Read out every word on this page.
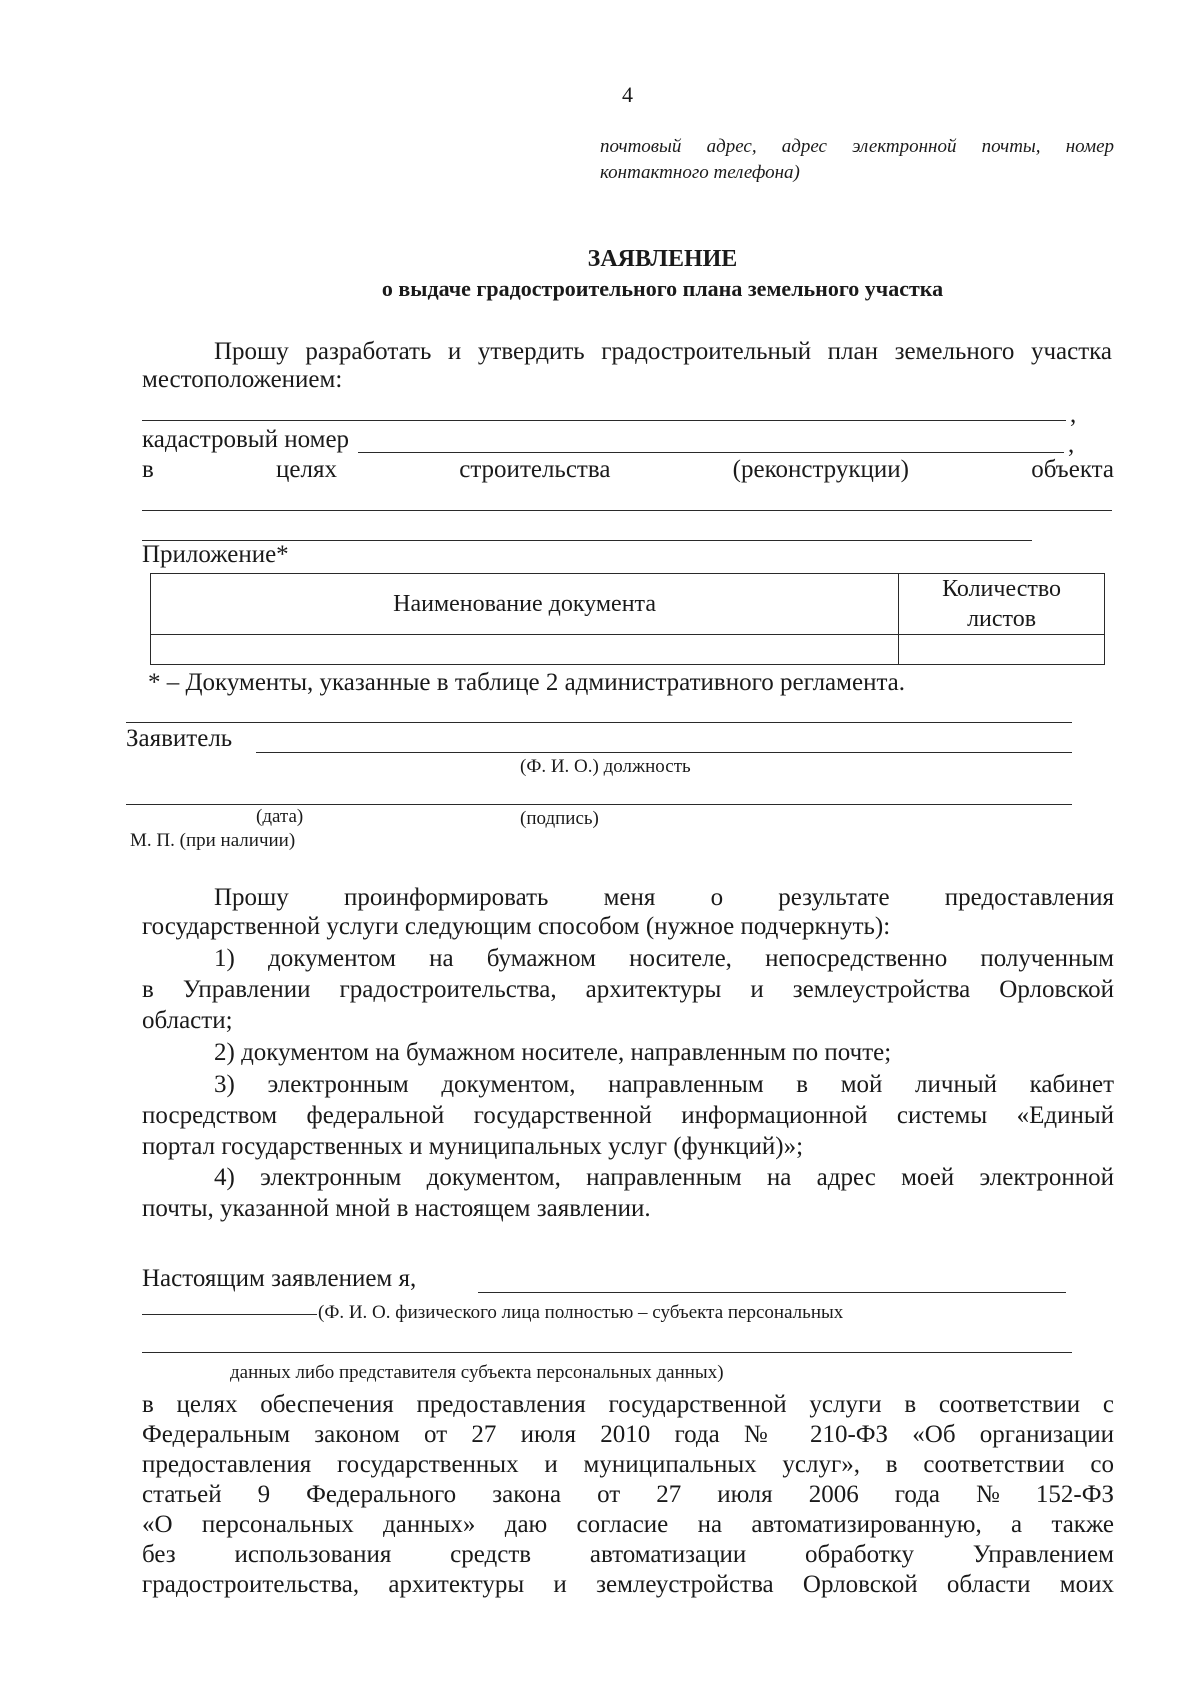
4
почтовый адрес, адрес электронной почты, номер
контактного телефона)
ЗАЯВЛЕНИЕ
о выдаче градостроительного плана земельного участка
Прошу разработать и утвердить градостроительный план земельного участка
местоположением:
,
кадастровый номер	,
в	целях	строительства	(реконструкции)	объекта
Приложение*
Наименование документа	Количество
листов

* – Документы, указанные в таблице 2 административного регламента.
Заявитель
(Ф. И. О.) должность
(дата)	(подпись)
М. П. (при наличии)
Прошу проинформировать меня о результате предоставления
государственной услуги следующим способом (нужное подчеркнуть):
1) документом на бумажном носителе, непосредственно полученным
в Управлении градостроительства, архитектуры и землеустройства Орловской
области;
2) документом на бумажном носителе, направленным по почте;
3) электронным документом, направленным в мой личный кабинет
посредством федеральной государственной информационной системы «Единый
портал государственных и муниципальных услуг (функций)»;
4) электронным документом, направленным на адрес моей электронной
почты, указанной мной в настоящем заявлении.
Настоящим заявлением я,
(Ф. И. О. физического лица полностью – субъекта персональных
данных либо представителя субъекта персональных данных)
в целях обеспечения предоставления государственной услуги в соответствии с
Федеральным законом от 27 июля 2010 года № 210-ФЗ «Об организации
предоставления государственных и муниципальных услуг», в соответствии со
статьей 9 Федерального закона от 27 июля 2006 года № 152-ФЗ
«О персональных данных» даю согласие на автоматизированную, а также
без использования средств автоматизации обработку Управлением
градостроительства, архитектуры и землеустройства Орловской области моих
